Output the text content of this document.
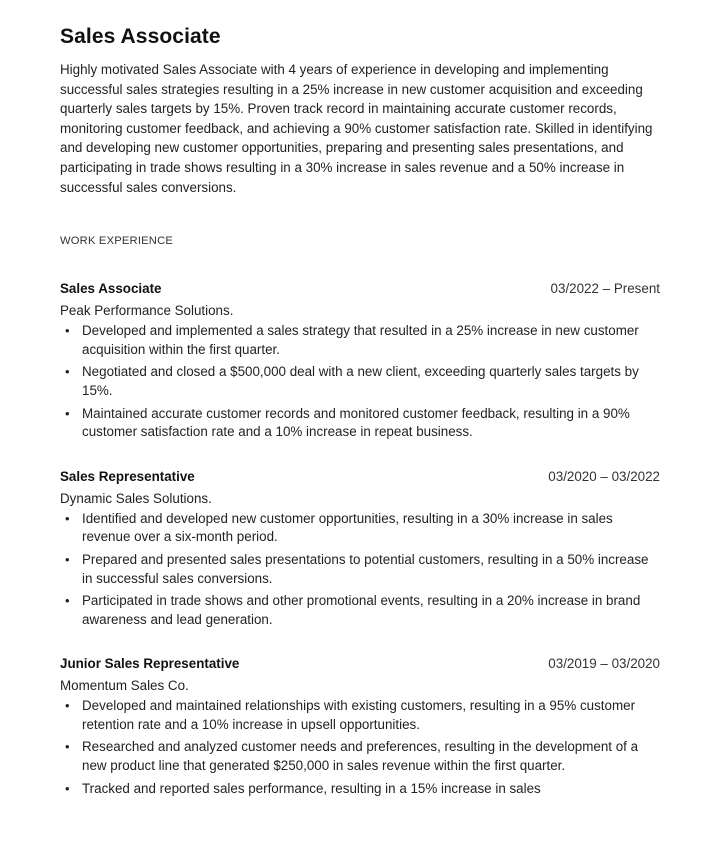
Sales Associate

Highly motivated Sales Associate with 4 years of experience in developing and implementing successful sales strategies resulting in a 25% increase in new customer acquisition and exceeding quarterly sales targets by 15%. Proven track record in maintaining accurate customer records, monitoring customer feedback, and achieving a 90% customer satisfaction rate. Skilled in identifying and developing new customer opportunities, preparing and presenting sales presentations, and participating in trade shows resulting in a 30% increase in sales revenue and a 50% increase in successful sales conversions.

WORK EXPERIENCE
Sales Associate	03/2022 – Present
Peak Performance Solutions.
• Developed and implemented a sales strategy that resulted in a 25% increase in new customer acquisition within the first quarter.
• Negotiated and closed a $500,000 deal with a new client, exceeding quarterly sales targets by 15%.
• Maintained accurate customer records and monitored customer feedback, resulting in a 90% customer satisfaction rate and a 10% increase in repeat business.
Sales Representative	03/2020 – 03/2022
Dynamic Sales Solutions.
• Identified and developed new customer opportunities, resulting in a 30% increase in sales revenue over a six-month period.
• Prepared and presented sales presentations to potential customers, resulting in a 50% increase in successful sales conversions.
• Participated in trade shows and other promotional events, resulting in a 20% increase in brand awareness and lead generation.
Junior Sales Representative	03/2019 – 03/2020
Momentum Sales Co.
• Developed and maintained relationships with existing customers, resulting in a 95% customer retention rate and a 10% increase in upsell opportunities.
• Researched and analyzed customer needs and preferences, resulting in the development of a new product line that generated $250,000 in sales revenue within the first quarter.
• Tracked and reported sales performance, resulting in a 15% increase in sales
